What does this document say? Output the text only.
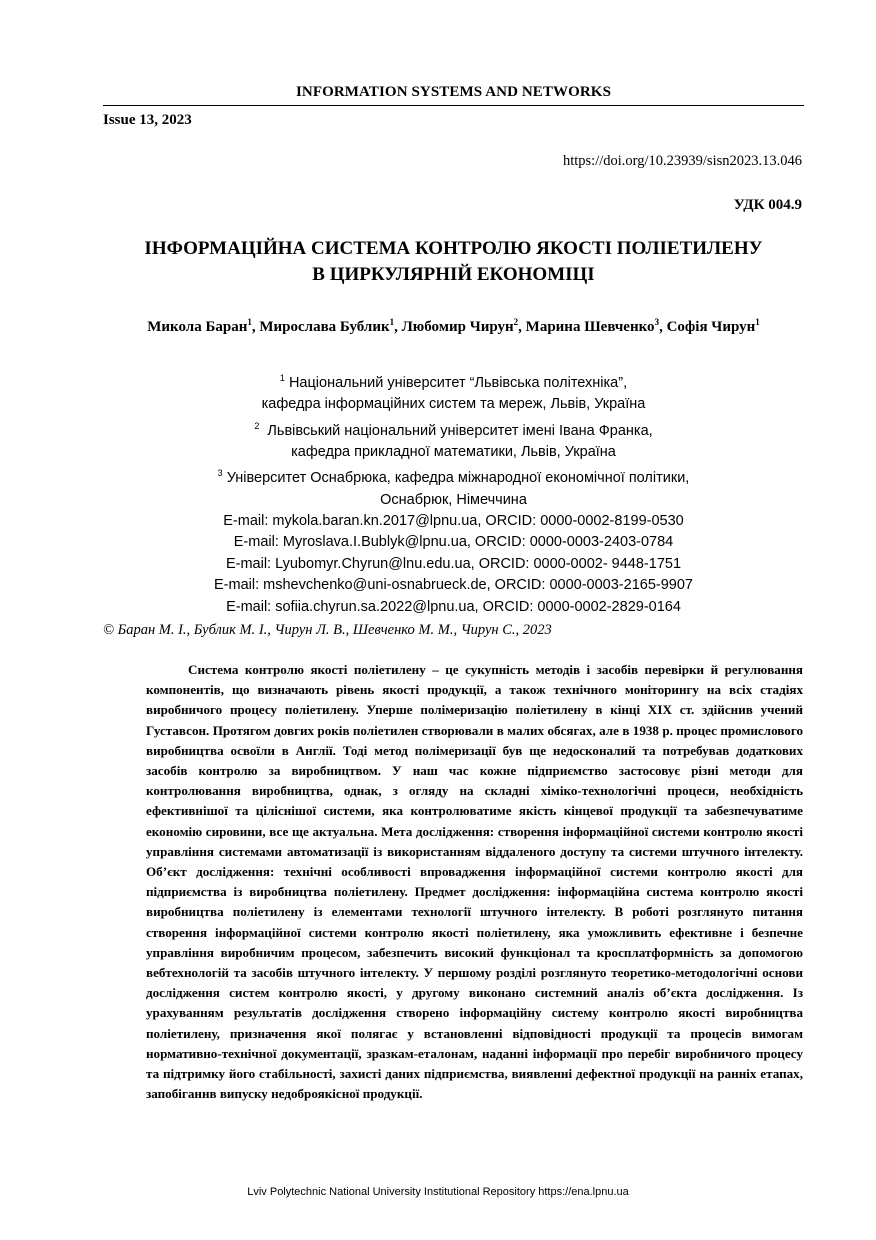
INFORMATION SYSTEMS AND NETWORKS
Issue 13, 2023
https://doi.org/10.23939/sisn2023.13.046
УДК 004.9
ІНФОРМАЦІЙНА СИСТЕМА КОНТРОЛЮ ЯКОСТІ ПОЛІЕТИЛЕНУ
В ЦИРКУЛЯРНІЙ ЕКОНОМІЦІ
Микола Баран$^1$, Мирослава Бублик$^1$, Любомир Чирун$^2$, Марина Шевченко$^3$, Софія Чирун$^1$
$^1$ Національний університет “Львівська політехніка”,
кафедра інформаційних систем та мереж, Львів, Україна
$^2$ Львівський національний університет імені Івана Франка,
кафедра прикладної математики, Львів, Україна
$^3$ Університет Оснабрюка, кафедра міжнародної економічної політики,
Оснабрюк, Німеччина
E-mail: mykola.baran.kn.2017@lpnu.ua, ORCID: 0000-0002-8199-0530
E-mail: Myroslava.I.Bublyk@lpnu.ua, ORCID: 0000-0003-2403-0784
E-mail: Lyubomyr.Chyrun@lnu.edu.ua, ORCID: 0000-0002- 9448-1751
E-mail: mshevchenko@uni-osnabrueck.de, ORCID: 0000-0003-2165-9907
E-mail: sofiia.chyrun.sa.2022@lpnu.ua, ORCID: 0000-0002-2829-0164
© Баран М. І., Бублик М. І., Чирун Л. В., Шевченко М. М., Чирун С., 2023
Система контролю якості поліетилену – це сукупність методів і засобів перевірки й регулювання компонентів, що визначають рівень якості продукції, а також технічного моніторингу на всіх стадіях виробничого процесу поліетилену. Уперше полімеризацію поліетилену в кінці XIX ст. здійснив учений Густавсон. Протягом довгих років поліетилен створювали в малих обсягах, але в 1938 р. процес промислового виробництва освоїли в Англії. Тоді метод полімеризації був ще недосконалий та потребував додаткових засобів контролю за виробництвом. У наш час кожне підприємство застосовує різні методи для контролювання виробництва, однак, з огляду на складні хіміко-технологічні процеси, необхідність ефективнішої та ціліснішої системи, яка контролюватиме якість кінцевої продукції та забезпечуватиме економію сировини, все ще актуальна. Мета дослідження: створення інформаційної системи контролю якості управління системами автоматизації із використанням віддаленого доступу та системи штучного інтелекту. Об’єкт дослідження: технічні особливості впровадження інформаційної системи контролю якості для підприємства із виробництва поліетилену. Предмет дослідження: інформаційна система контролю якості виробництва поліетилену із елементами технології штучного інтелекту. В роботі розглянуто питання створення інформаційної системи контролю якості поліетилену, яка уможливить ефективне і безпечне управління виробничим процесом, забезпечить високий функціонал та кросплатформність за допомогою вебтехнологій та засобів штучного інтелекту. У першому розділі розглянуто теоретико-методологічні основи дослідження систем контролю якості, у другому виконано системний аналіз об’єкта дослідження. Із урахуванням результатів дослідження створено інформаційну систему контролю якості виробництва поліетилену, призначення якої полягає у встановленні відповідності продукції та процесів вимогам нормативно-технічної документації, зразкам-еталонам, наданні інформації про перебіг виробничого процесу та підтримку його стабільності, захисті даних підприємства, виявленні дефектної продукції на ранніх етапах, запобіганнв випуску недоброякісної продукції.
Lviv Polytechnic National University Institutional Repository https://ena.lpnu.ua
